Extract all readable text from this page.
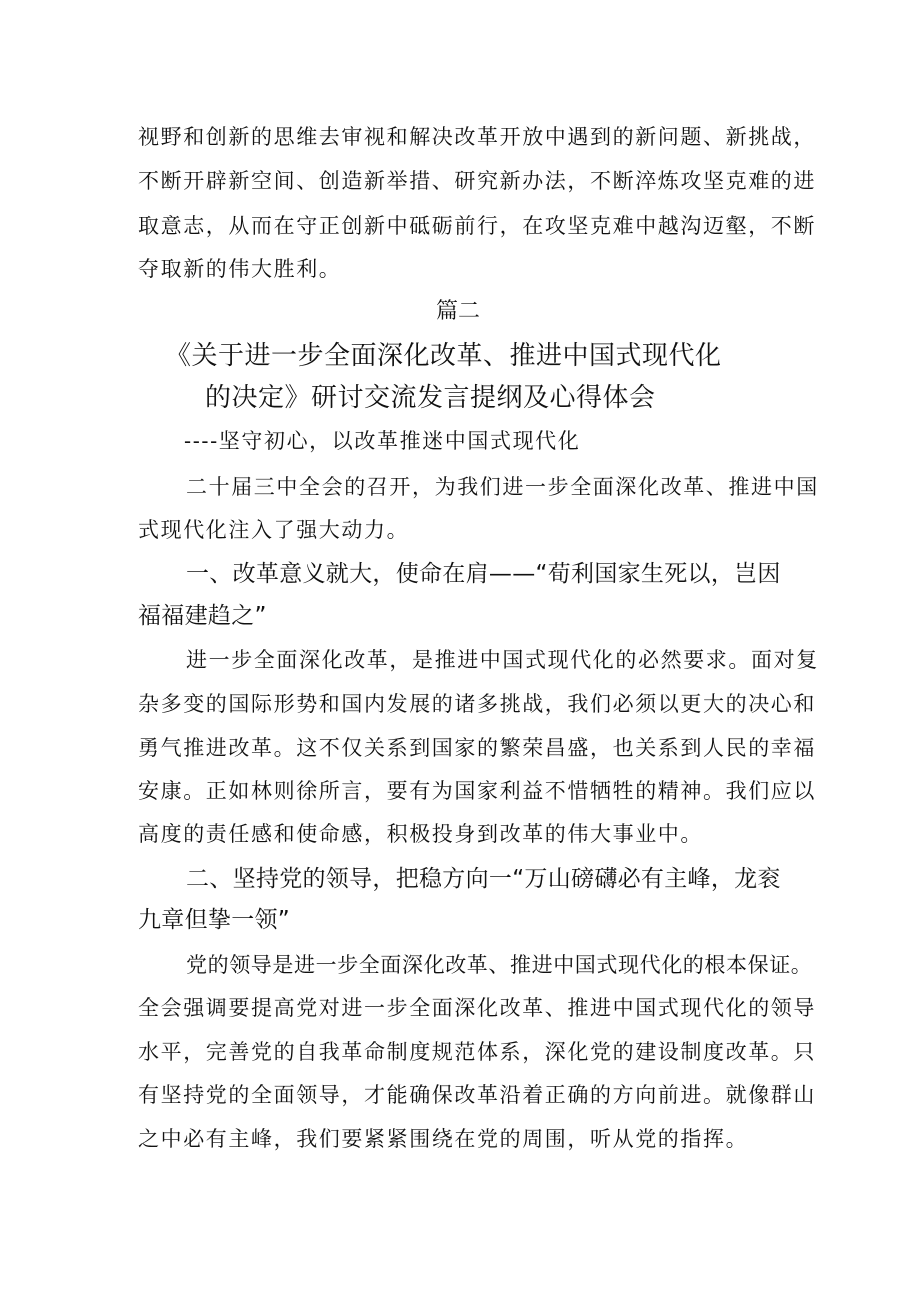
视野和创新的思维去审视和解决改革开放中遇到的新问题、新挑战，
不断开辟新空间、创造新举措、研究新办法，不断淬炼攻坚克难的进
取意志，从而在守正创新中砥砺前行，在攻坚克难中越沟迈壑，不断
夺取新的伟大胜利。
篇二
《关于进一步全面深化改革、推进中国式现代化
的决定》研讨交流发言提纲及心得体会
----坚守初心，以改革推迷中国式现代化
二十届三中全会的召开，为我们进一步全面深化改革、推进中国
式现代化注入了强大动力。
一、改革意义就大，使命在肩——“荀利国家生死以，岂因
福福建趋之”
进一步全面深化改革，是推进中国式现代化的必然要求。面对复
杂多变的国际形势和国内发展的诸多挑战，我们必须以更大的决心和
勇气推进改革。这不仅关系到国家的繁荣昌盛，也关系到人民的幸福
安康。正如林则徐所言，要有为国家利益不惜牺牲的精神。我们应以
高度的责任感和使命感，积极投身到改革的伟大事业中。
二、坚持党的领导，把稳方向一“万山磅礴必有主峰，龙衮
九章但挚一领”
党的领导是进一步全面深化改革、推进中国式现代化的根本保证。
全会强调要提高党对进一步全面深化改革、推进中国式现代化的领导
水平，完善党的自我革命制度规范体系，深化党的建设制度改革。只
有坚持党的全面领导，才能确保改革沿着正确的方向前进。就像群山
之中必有主峰，我们要紧紧围绕在党的周围，听从党的指挥。
